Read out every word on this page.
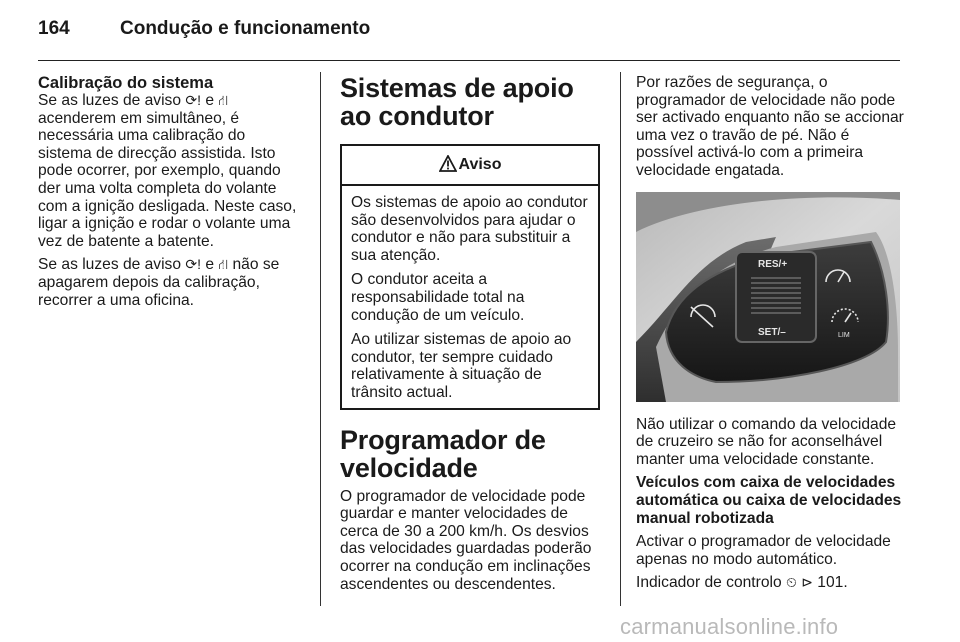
164	Condução e funcionamento
Calibração do sistema

Se as luzes de aviso ⟳! e ⛙ acenderem em simultâneo, é necessária uma calibração do sistema de direcção assistida. Isto pode ocorrer, por exemplo, quando der uma volta completa do volante com a ignição desligada. Neste caso, ligar a ignição e rodar o volante uma vez de batente a batente.

Se as luzes de aviso ⟳! e ⛙ não se apagarem depois da calibração, recorrer a uma oficina.

Sistemas de apoio ao condutor
Aviso

Os sistemas de apoio ao condutor são desenvolvidos para ajudar o condutor e não para substituir a sua atenção.

O condutor aceita a responsabilidade total na condução de um veículo.

Ao utilizar sistemas de apoio ao condutor, ter sempre cuidado relativamente à situação de trânsito actual.

Programador de velocidade

O programador de velocidade pode guardar e manter velocidades de cerca de 30 a 200 km/h. Os desvios das velocidades guardadas poderão ocorrer na condução em inclinações ascendentes ou descendentes.

Por razões de segurança, o programador de velocidade não pode ser activado enquanto não se accionar uma vez o travão de pé. Não é possível activá-lo com a primeira velocidade engatada.

RES/+
SET/–	LIM

Não utilizar o comando da velocidade de cruzeiro se não for aconselhável manter uma velocidade constante.

Veículos com caixa de velocidades automática ou caixa de velocidades manual robotizada

Activar o programador de velocidade apenas no modo automático.

Indicador de controlo ⏲ ⊳ 101.

carmanualsonline.info
